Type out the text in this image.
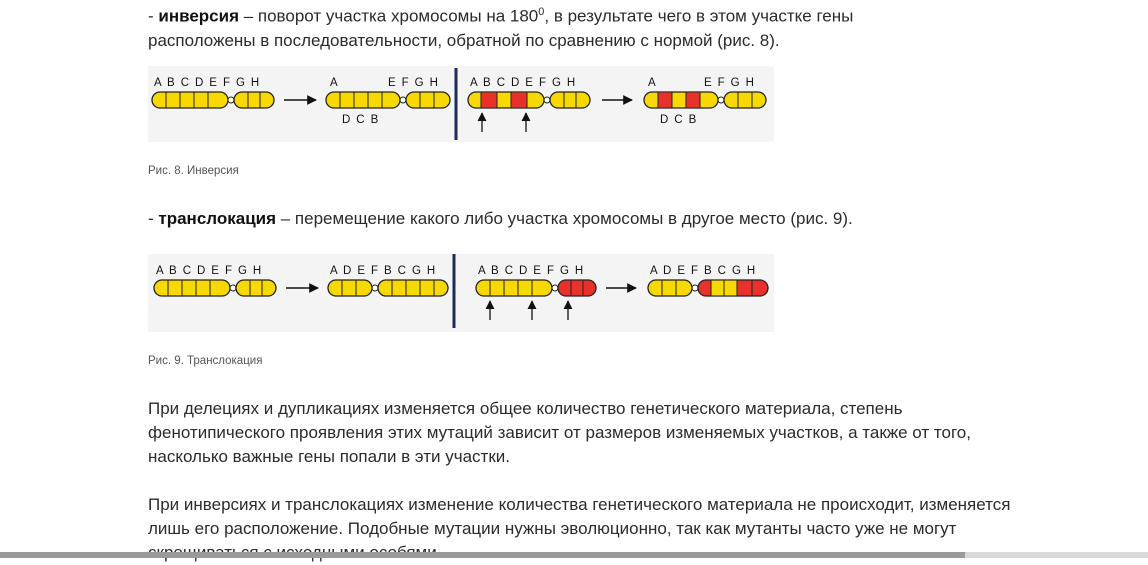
- инверсия – поворот участка хромосомы на $180^0$, в результате чего в этом участке гены
расположены в последовательности, обратной по сравнению с нормой (рис. 8).
A B C D E F G H	A	E F G H
D C B
A B C D E F G H	A	E F G H
D C B
Рис. 8. Инверсия
- транслокация – перемещение какого либо участка хромосомы в другое место (рис. 9).
A B C D E F G H	A D E F B C G H	A B C D E F G H	A D E F B C G H
Рис. 9. Транслокация
При делециях и дупликациях изменяется общее количество генетического материала, степень фенотипического проявления этих мутаций зависит от размеров изменяемых участков, а также от того, насколько важные гены попали в эти участки.
При инверсиях и транслокациях изменение количества генетического материала не происходит, изменяется лишь его расположение. Подобные мутации нужны эволюционно, так как мутанты часто уже не могут
